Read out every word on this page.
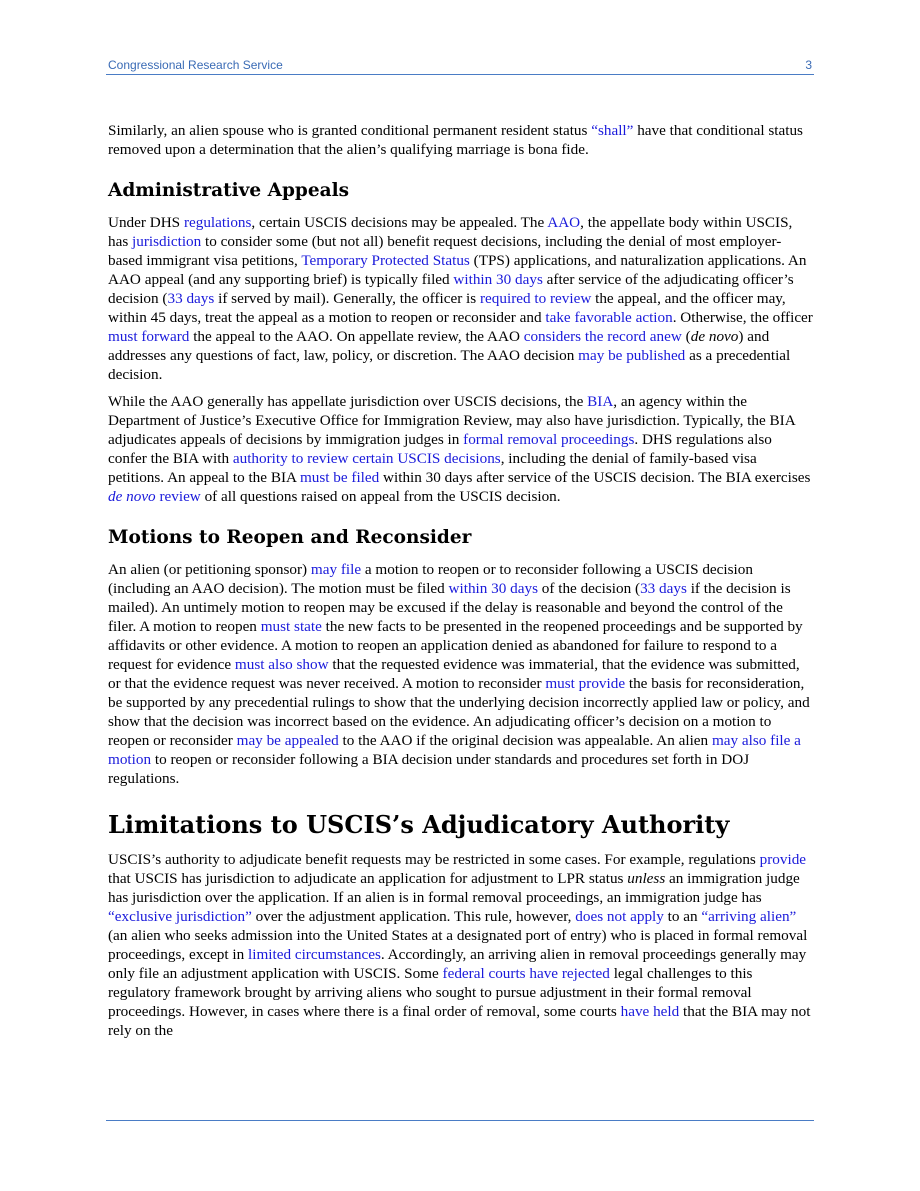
Congressional Research Service	3

Similarly, an alien spouse who is granted conditional permanent resident status “shall” have that conditional status removed upon a determination that the alien’s qualifying marriage is bona fide.

Administrative Appeals

Under DHS regulations, certain USCIS decisions may be appealed. The AAO, the appellate body within USCIS, has jurisdiction to consider some (but not all) benefit request decisions, including the denial of most employer-based immigrant visa petitions, Temporary Protected Status (TPS) applications, and naturalization applications. An AAO appeal (and any supporting brief) is typically filed within 30 days after service of the adjudicating officer’s decision (33 days if served by mail). Generally, the officer is required to review the appeal, and the officer may, within 45 days, treat the appeal as a motion to reopen or reconsider and take favorable action. Otherwise, the officer must forward the appeal to the AAO. On appellate review, the AAO considers the record anew (de novo) and addresses any questions of fact, law, policy, or discretion. The AAO decision may be published as a precedential decision.

While the AAO generally has appellate jurisdiction over USCIS decisions, the BIA, an agency within the Department of Justice’s Executive Office for Immigration Review, may also have jurisdiction. Typically, the BIA adjudicates appeals of decisions by immigration judges in formal removal proceedings. DHS regulations also confer the BIA with authority to review certain USCIS decisions, including the denial of family-based visa petitions. An appeal to the BIA must be filed within 30 days after service of the USCIS decision. The BIA exercises de novo review of all questions raised on appeal from the USCIS decision.

Motions to Reopen and Reconsider

An alien (or petitioning sponsor) may file a motion to reopen or to reconsider following a USCIS decision (including an AAO decision). The motion must be filed within 30 days of the decision (33 days if the decision is mailed). An untimely motion to reopen may be excused if the delay is reasonable and beyond the control of the filer. A motion to reopen must state the new facts to be presented in the reopened proceedings and be supported by affidavits or other evidence. A motion to reopen an application denied as abandoned for failure to respond to a request for evidence must also show that the requested evidence was immaterial, that the evidence was submitted, or that the evidence request was never received. A motion to reconsider must provide the basis for reconsideration, be supported by any precedential rulings to show that the underlying decision incorrectly applied law or policy, and show that the decision was incorrect based on the evidence. An adjudicating officer’s decision on a motion to reopen or reconsider may be appealed to the AAO if the original decision was appealable. An alien may also file a motion to reopen or reconsider following a BIA decision under standards and procedures set forth in DOJ regulations.

Limitations to USCIS’s Adjudicatory Authority

USCIS’s authority to adjudicate benefit requests may be restricted in some cases. For example, regulations provide that USCIS has jurisdiction to adjudicate an application for adjustment to LPR status unless an immigration judge has jurisdiction over the application. If an alien is in formal removal proceedings, an immigration judge has “exclusive jurisdiction” over the adjustment application. This rule, however, does not apply to an “arriving alien” (an alien who seeks admission into the United States at a designated port of entry) who is placed in formal removal proceedings, except in limited circumstances. Accordingly, an arriving alien in removal proceedings generally may only file an adjustment application with USCIS. Some federal courts have rejected legal challenges to this regulatory framework brought by arriving aliens who sought to pursue adjustment in their formal removal proceedings. However, in cases where there is a final order of removal, some courts have held that the BIA may not rely on the
